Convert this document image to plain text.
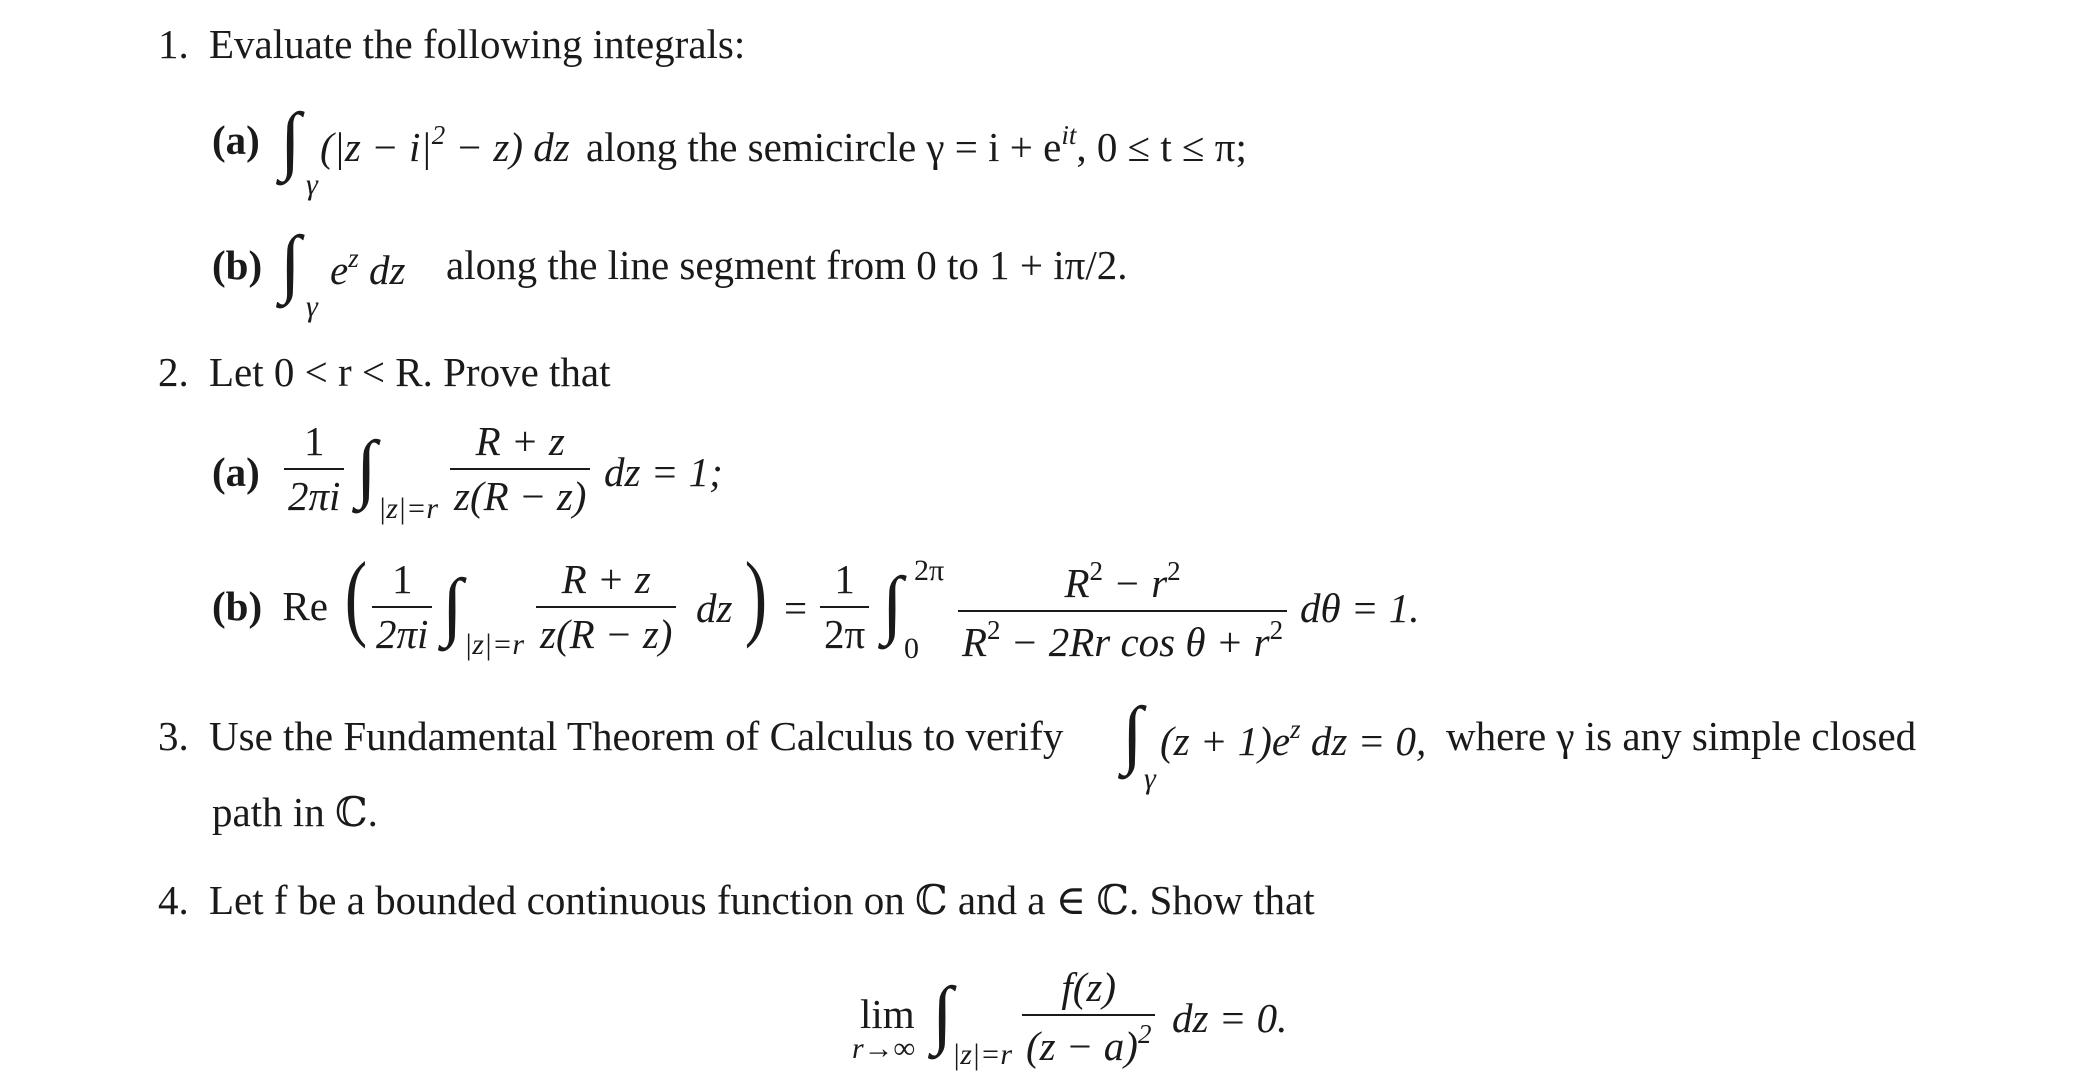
1. Evaluate the following integrals:
(a) ∫
γ
$(|z - i|^2 - z)$ dz along the semicircle $\gamma = i + e^{it}$, 0 ≤ t ≤ π;
(b) ∫
γ
$e^z$ dz along the line segment from 0 to 1 + iπ/2.
2. Let 0 < r < R. Prove that
(a)
1
2πi ∫ |z|=r
R + z
z(R − z)
dz = 1;
(b) Re ( 1
2πi ∫ |z|=r
R + z
z(R − z)
dz ) =
1
2π ∫ 2π
0
$R^2 - r^2$
$R^2 - 2Rr$ $\cos \theta + r^2$ dθ = 1.
3. Use the Fundamental Theorem of Calculus to verify ∫
γ
$(z + 1)e^z$ dz = 0, where γ is any simple closed
path in ℂ.
4. Let f be a bounded continuous function on ℂ and a ∈ ℂ. Show that
lim
r→∞ ∫ |z|=r
f(z)
$(z - a)^2$ dz = 0.
